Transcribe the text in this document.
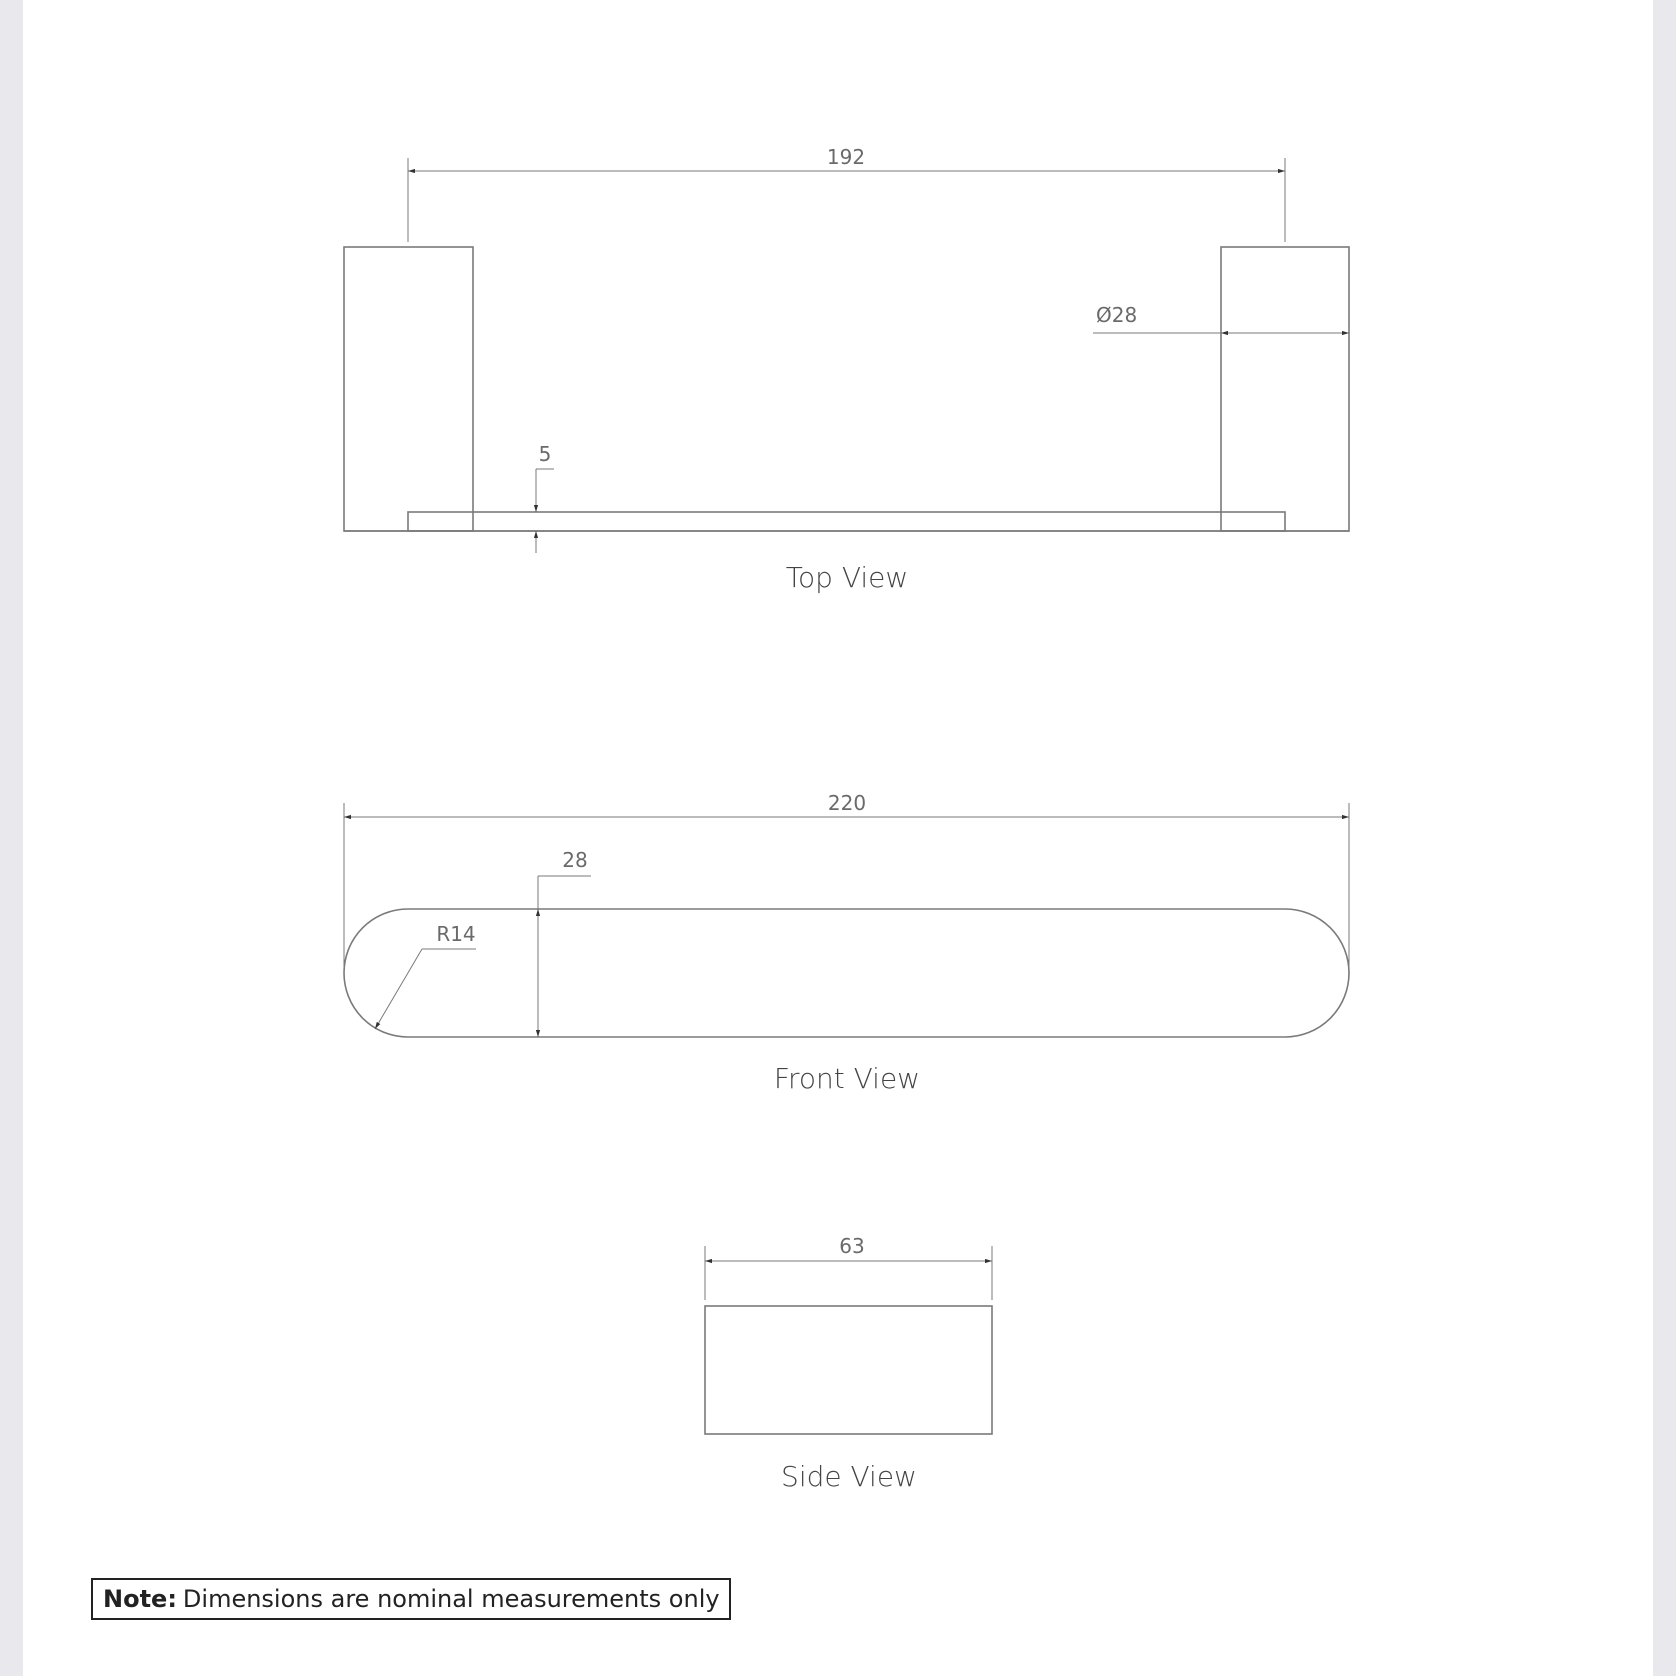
192
Ø28
5
Top View
220
28
R14
Front View
63
Side View
Note: Dimensions are nominal measurements only
